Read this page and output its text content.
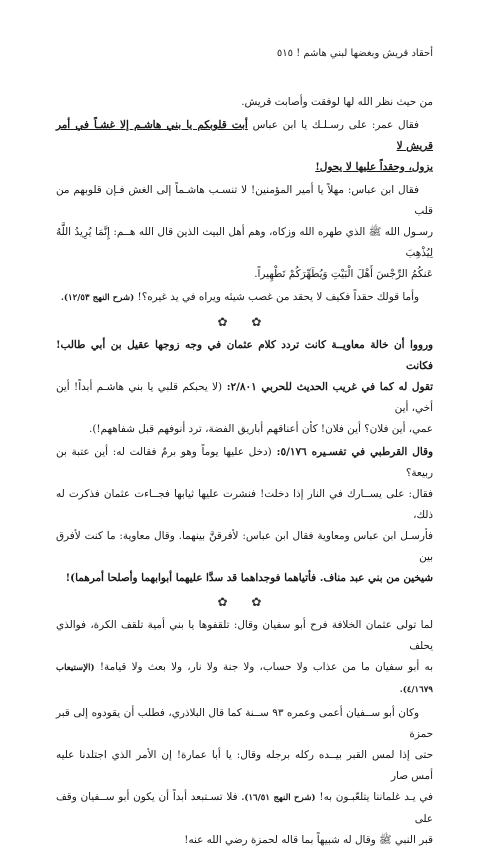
أحقاد قريش وبغضها لبني هاشم ! ٥١٥
من حيث نظر الله لها لوفقت وأصابت قريش.
فقال عمر: على رسـلـك يا ابن عباس أبت قلوبكم يا بني هاشـم إلا غشـاً في أمر قريش لا
يزول، وحقداً عليها لا يحول!
فقال ابن عباس: مهلاً يا أمير المؤمنين! لا تنسـب هاشـماً إلى الغش فـإن قلوبهم من قلب
رسـول الله ﷺ الذي طهره الله وزكاه، وهم أهل البيت الذين قال الله هــم: إِنَّمَا يُرِيدُ اللَّهُ لِيُذْهِبَ
عَنكُمُ الرِّجْسَ أَهْلَ الْبَيْتِ وَيُطَهِّرَكُمْ تَطْهِيراً.
وأما قولك حقداً فكيف لا يحقد من غصب شيئه ويراه في يد غيره؟! (شرح النهج ١٢/٥٣).
✿ ✿
ورووا أن خالة معاويــة كانت تردد كلام عثمان في وجه زوجها عقيل بن أبي طالب! فكانت
تقول له كما في غريب الحديث للحربي ٢/٨٠١: (لا يحبكم قلبي يا بني هاشـم أبداً! أين أخي، أين
عمي، أين فلان؟ أين فلان! كأن أعناقهم أباريق الفضة، ترد أنوفهم قبل شفاههم!).
وقال القرطبي في تفسـيره ٥/١٧٦: (دخل عليها يوماً وهو برمٌ فقالت له: أين عتبة بن ربيعة؟
فقال: على يســارك في النار إذا دخلت! فنشرت عليها ثيابها فجــاءت عثمان فذكرت له ذلك،
فأرسـل ابن عباس ومعاوية فقال ابن عباس: لأفرقنَّ بينهما. وقال معاوية: ما كنت لأفرق بين
شيخين من بني عبد مناف. فأتياهما فوجداهما قد سدَّا عليهما أبوابهما وأصلحا أمرهما)!
✿ ✿
لما تولى عثمان الخلافة فرح أبو سفيان وقال: تلقفوها يا بني أمية تلقف الكرة، فوالذي يحلف
به أبو سفيان ما من عذاب ولا حساب، ولا جنة ولا نار، ولا بعث ولا قيامة! (الإستيعاب ٤/١٦٧٩).
وكان أبو ســفيان أعمى وعمره ٩٣ ســنة كما قال البلاذري، فطلب أن يقودوه إلى قبر حمزة
حتى إذا لمس القبر بيــده ركله برجله وقال: يا أبا عمارة! إن الأمر الذي اجتلدنا عليه أمس صار
في يـد غلماننا يتلعّبـون به! (شرح النهج ١٦/٥١). فلا تسـتبعد أبداً أن يكون أبو ســفيان وقف على
قبر النبي ﷺ وقال له شبيهاً بما قاله لحمزة رضي الله عنه!
